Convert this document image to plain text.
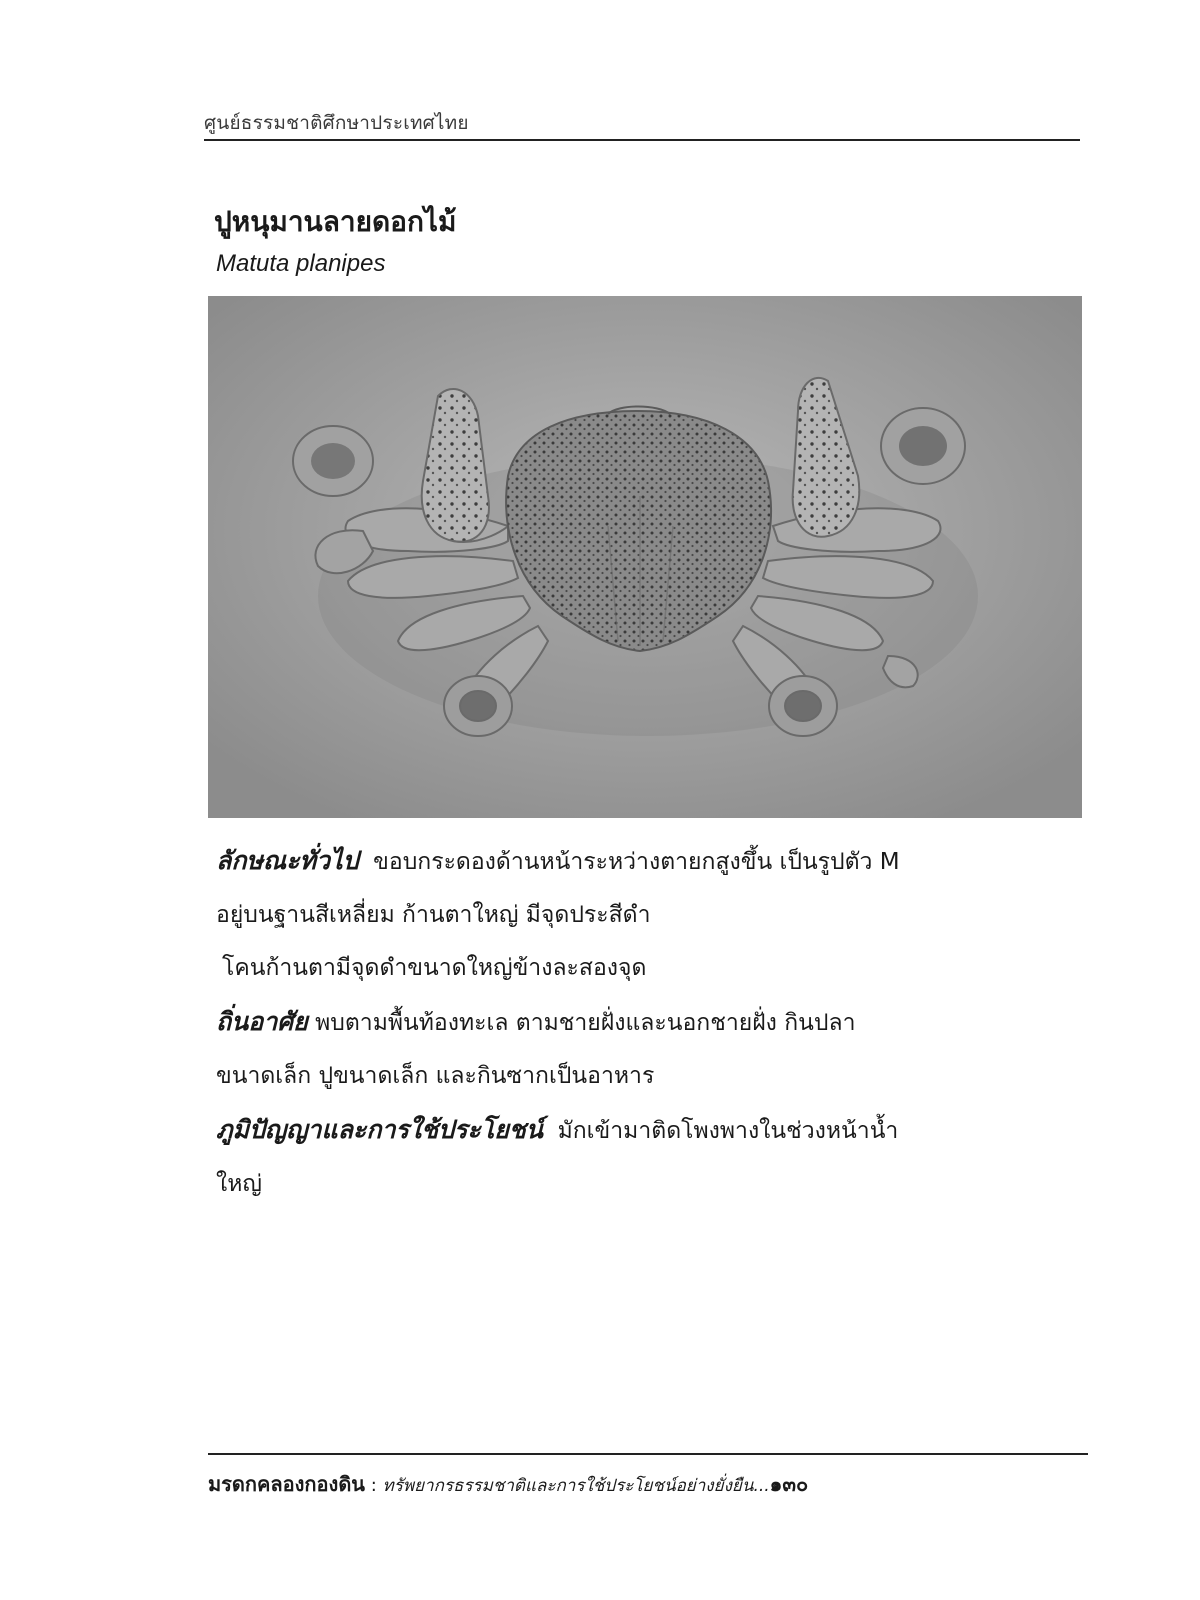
ศูนย์ธรรมชาติศึกษาประเทศไทย
ปูหนุมานลายดอกไม้
Matuta planipes

ลักษณะทั่วไป ขอบกระดองด้านหน้าระหว่างตายกสูงขึ้น เป็นรูปตัว M

อยู่บนฐานสีเหลี่ยม ก้านตาใหญ่ มีจุดประสีดำ

โคนก้านตามีจุดดำขนาดใหญ่ข้างละสองจุด

ถิ่นอาศัย พบตามพื้นท้องทะเล ตามชายฝั่งและนอกชายฝั่ง กินปลา

ขนาดเล็ก ปูขนาดเล็ก และกินซากเป็นอาหาร

ภูมิปัญญาและการใช้ประโยชน์ มักเข้ามาติดโพงพางในช่วงหน้าน้ำ

ใหญ่

มรดกคลองกองดิน : ทรัพยากรธรรมชาติและการใช้ประโยชน์อย่างยั่งยืน...๑๓๐
